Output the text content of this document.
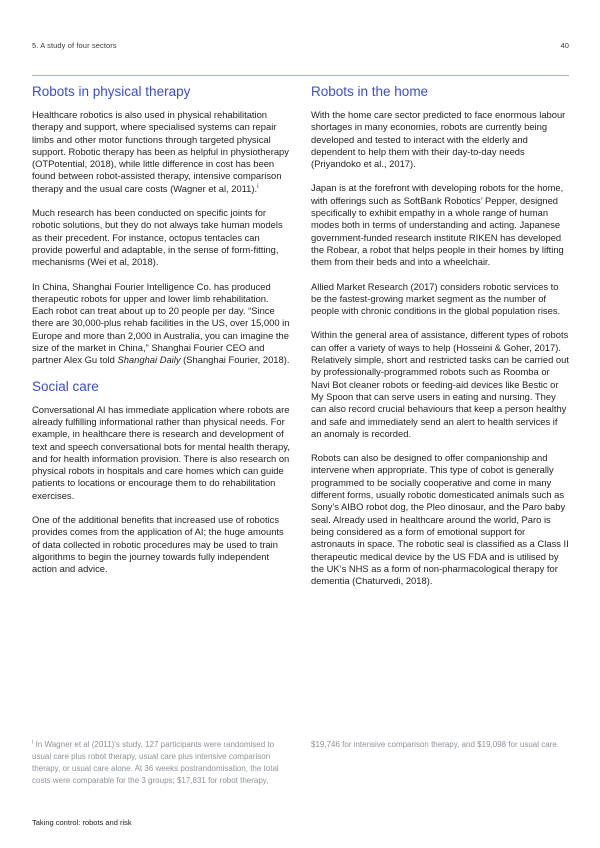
5. A study of four sectors	40
Robots in physical therapy

Healthcare robotics is also used in physical rehabilitation therapy and support, where specialised systems can repair limbs and other motor functions through targeted physical support. Robotic therapy has been as helpful in physiotherapy (OTPotential, 2018), while little difference in cost has been found between robot-assisted therapy, intensive comparison therapy and the usual care costs (Wagner et al, 2011).$^i$

Much research has been conducted on specific joints for robotic solutions, but they do not always take human models as their precedent. For instance, octopus tentacles can provide powerful and adaptable, in the sense of form-fitting, mechanisms (Wei et al, 2018).

In China, Shanghai Fourier Intelligence Co. has produced therapeutic robots for upper and lower limb rehabilitation. Each robot can treat about up to 20 people per day. “Since there are 30,000-plus rehab facilities in the US, over 15,000 in Europe and more than 2,000 in Australia, you can imagine the size of the market in China,” Shanghai Fourier CEO and partner Alex Gu told Shanghai Daily (Shanghai Fourier, 2018).

Social care

Conversational AI has immediate application where robots are already fulfilling informational rather than physical needs. For example, in healthcare there is research and development of text and speech conversational bots for mental health therapy, and for health information provision. There is also research on physical robots in hospitals and care homes which can guide patients to locations or encourage them to do rehabilitation exercises.

One of the additional benefits that increased use of robotics provides comes from the application of AI; the huge amounts of data collected in robotic procedures may be used to train algorithms to begin the journey towards fully independent action and advice.

Robots in the home

With the home care sector predicted to face enormous labour shortages in many economies, robots are currently being developed and tested to interact with the elderly and dependent to help them with their day-to-day needs (Priyandoko et al., 2017).

Japan is at the forefront with developing robots for the home, with offerings such as SoftBank Robotics’ Pepper, designed specifically to exhibit empathy in a whole range of human modes both in terms of understanding and acting. Japanese government-funded research institute RIKEN has developed the Robear, a robot that helps people in their homes by lifting them from their beds and into a wheelchair.

Allied Market Research (2017) considers robotic services to be the fastest-growing market segment as the number of people with chronic conditions in the global population rises.

Within the general area of assistance, different types of robots can offer a variety of ways to help (Hosseini & Goher, 2017). Relatively simple, short and restricted tasks can be carried out by professionally-programmed robots such as Roomba or Navi Bot cleaner robots or feeding-aid devices like Bestic or My Spoon that can serve users in eating and nursing. They can also record crucial behaviours that keep a person healthy and safe and immediately send an alert to health services if an anomaly is recorded.

Robots can also be designed to offer companionship and intervene when appropriate. This type of cobot is generally programmed to be socially cooperative and come in many different forms, usually robotic domesticated animals such as Sony’s AIBO robot dog, the Pleo dinosaur, and the Paro baby seal. Already used in healthcare around the world, Paro is being considered as a form of emotional support for astronauts in space. The robotic seal is classified as a Class II therapeutic medical device by the US FDA and is utilised by the UK’s NHS as a form of non-pharmacological therapy for dementia (Chaturvedi, 2018).

$^i$ In Wagner et al (2011)’s study, 127 participants were randomised to usual care plus robot therapy, usual care plus intensive comparison therapy, or usual care alone. At 36 weeks postrandomisation, the total costs were comparable for the 3 groups; $17,831 for robot therapy,
$19,746 for intensive comparison therapy, and $19,098 for usual care.
Taking control: robots and risk
